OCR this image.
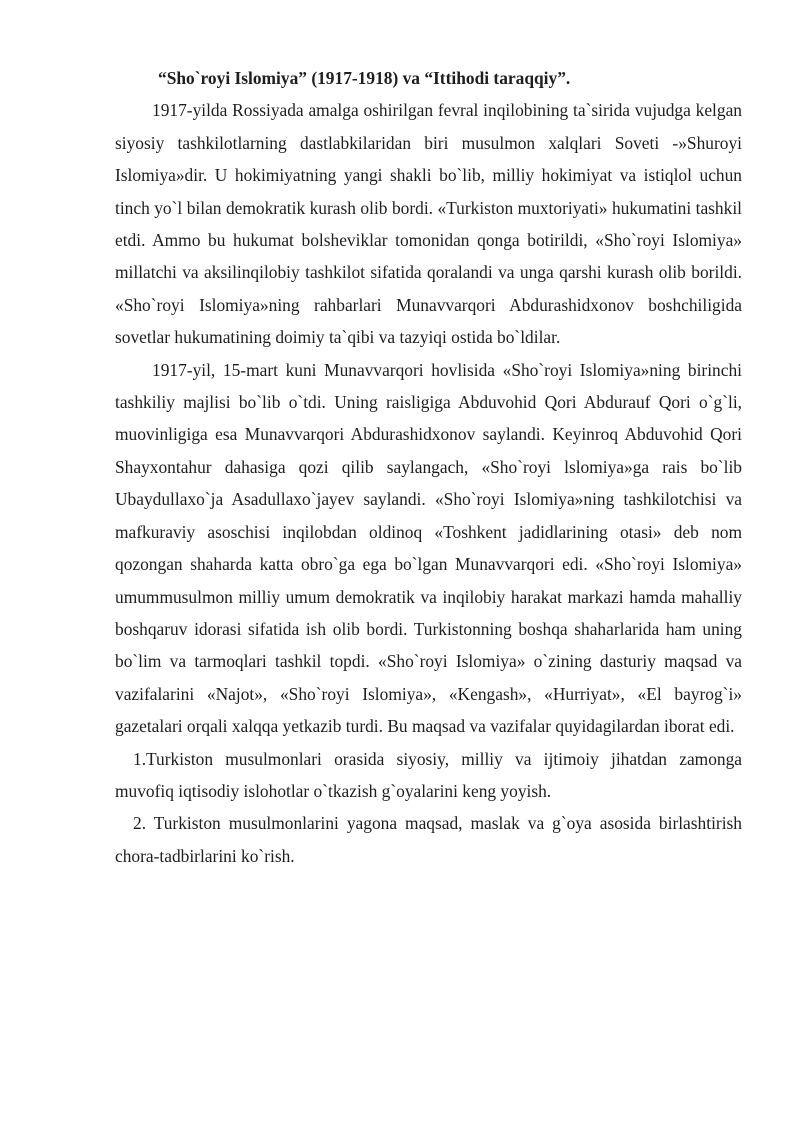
“Sho`royi Islomiya” (1917-1918) va “Ittihodi taraqqiy”.

1917-yilda Rossiyada amalga oshirilgan fevral inqilobining ta`sirida vujudga kelgan siyosiy tashkilotlarning dastlabkilaridan biri musulmon xalqlari Soveti -»Shuroyi Islomiya»dir. U hokimiyatning yangi shakli bo`lib, milliy hokimiyat va istiqlol uchun tinch yo`l bilan demokratik kurash olib bordi. «Turkiston muxtoriyati» hukumatini tashkil etdi. Ammo bu hukumat bolsheviklar tomonidan qonga botirildi, «Sho`royi Islomiya» millatchi va aksilinqilobiy tashkilot sifatida qoralandi va unga qarshi kurash olib borildi. «Sho`royi Islomiya»ning rahbarlari Munavvarqori Abdurashidxonov boshchiligida sovetlar hukumatining doimiy ta`qibi va tazyiqi ostida bo`ldilar.

1917-yil, 15-mart kuni Munavvarqori hovlisida «Sho`royi Islomiya»ning birinchi tashkiliy majlisi bo`lib o`tdi. Uning raisligiga Abduvohid Qori Abdurauf Qori o`g`li, muovinligiga esa Munavvarqori Abdurashidxonov saylandi. Keyinroq Abduvohid Qori Shayxontahur dahasiga qozi qilib saylangach, «Sho`royi lslomiya»ga rais bo`lib Ubaydullaxo`ja Asadullaxo`jayev saylandi. «Sho`royi Islomiya»ning tashkilotchisi va mafkuraviy asoschisi inqilobdan oldinoq «Toshkent jadidlarining otasi» deb nom qozongan shaharda katta obro`ga ega bo`lgan Munavvarqori edi. «Sho`royi Islomiya» umummusulmon milliy umum demokratik va inqilobiy harakat markazi hamda mahalliy boshqaruv idorasi sifatida ish olib bordi. Turkistonning boshqa shaharlarida ham uning bo`lim va tarmoqlari tashkil topdi. «Sho`royi Islomiya» o`zining dasturiy maqsad va vazifalarini «Najot», «Sho`royi Islomiya», «Kengash», «Hurriyat», «El bayrog`i» gazetalari orqali xalqqa yetkazib turdi. Bu maqsad va vazifalar quyidagilardan iborat edi.

1.Turkiston musulmonlari orasida siyosiy, milliy va ijtimoiy jihatdan zamonga muvofiq iqtisodiy islohotlar o`tkazish g`oyalarini keng yoyish.

2. Turkiston musulmonlarini yagona maqsad, maslak va g`oya asosida birlashtirish chora-tadbirlarini ko`rish.
